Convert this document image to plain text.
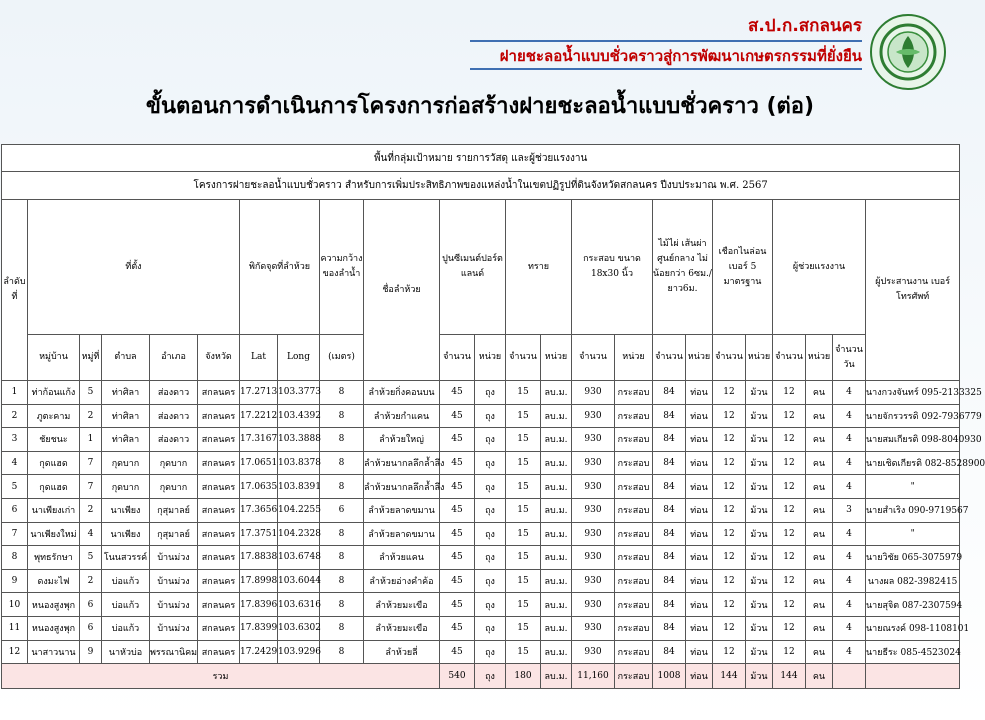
ส.ป.ก.สกลนคร
ฝายชะลอน้ำแบบชั่วคราวสู่การพัฒนาเกษตรกรรมที่ยั่งยืน
ขั้นตอนการดำเนินการโครงการก่อสร้างฝายชะลอน้ำแบบชั่วคราว (ต่อ)
พื้นที่กลุ่มเป้าหมาย รายการวัสดุ และผู้ช่วยแรงงาน																							
โครงการฝายชะลอน้ำแบบชั่วคราว สำหรับการเพิ่มประสิทธิภาพของแหล่งน้ำในเขตปฏิรูปที่ดินจังหวัดสกลนคร ปีงบประมาณ พ.ศ. 2567																							
ลำดับที่	ที่ตั้ง					พิกัดจุดที่ลำห้วย		ความกว้างของลำน้ำ	ชื่อลำห้วย	ปูนซีเมนต์ปอร์ตแลนด์		ทราย		กระสอบ ขนาด 18x30 นิ้ว		ไม้ไผ่ เส้นผ่าศูนย์กลาง ไม่น้อยกว่า 6ซม./ยาว6ม.		เชือกไนล่อน เบอร์ 5 มาตรฐาน		ผู้ช่วยแรงงาน			ผู้ประสานงาน เบอร์โทรศัพท์
	หมู่บ้าน	หมู่ที่	ตำบล	อำเภอ	จังหวัด	Lat	Long	(เมตร)		จำนวน	หน่วย	จำนวน	หน่วย	จำนวน	หน่วย	จำนวน	หน่วย	จำนวน	หน่วย	จำนวน	หน่วย	จำนวนวัน	
1	ท่าก้อนแก้ง	5	ท่าศิลา	ส่องดาว	สกลนคร	17.2713	103.3773	8	ลำห้วยกิ่งคอนบน	45	ถุง	15	ลบ.ม.	930	กระสอบ	84	ท่อน	12	ม้วน	12	คน	4	นางกวงจันทร์ 095-2133325
2	ภูตะคาม	2	ท่าศิลา	ส่องดาว	สกลนคร	17.2212	103.4392	8	ลำห้วยกำแคน	45	ถุง	15	ลบ.ม.	930	กระสอบ	84	ท่อน	12	ม้วน	12	คน	4	นายจักรวรรดิ 092-7936779
3	ชัยชนะ	1	ท่าศิลา	ส่องดาว	สกลนคร	17.3167	103.3888	8	ลำห้วยใหญ่	45	ถุง	15	ลบ.ม.	930	กระสอบ	84	ท่อน	12	ม้วน	12	คน	4	นายสมเกียรติ 098-8040930
4	กุดแฮด	7	กุดบาก	กุดบาก	สกลนคร	17.0651	103.8378	8	ลำห้วยนากลลึกล้ำลึง	45	ถุง	15	ลบ.ม.	930	กระสอบ	84	ท่อน	12	ม้วน	12	คน	4	นายเชิดเกียรติ 082-8528900
5	กุดแฮด	7	กุดบาก	กุดบาก	สกลนคร	17.0635	103.8391	8	ลำห้วยนากลลึกล้ำลึง	45	ถุง	15	ลบ.ม.	930	กระสอบ	84	ท่อน	12	ม้วน	12	คน	4	"
6	นาเพียงเก่า	2	นาเพียง	กุสุมาลย์	สกลนคร	17.3656	104.2255	6	ลำห้วยลาดขมาน	45	ถุง	15	ลบ.ม.	930	กระสอบ	84	ท่อน	12	ม้วน	12	คน	3	นายสำเริง 090-9719567
7	นาเพียงใหม่	4	นาเพียง	กุสุมาลย์	สกลนคร	17.3751	104.2328	8	ลำห้วยลาดขมาน	45	ถุง	15	ลบ.ม.	930	กระสอบ	84	ท่อน	12	ม้วน	12	คน	4	"
8	พุทธรักษา	5	โนนสวรรค์	บ้านม่วง	สกลนคร	17.8838	103.6748	8	ลำห้วยแคน	45	ถุง	15	ลบ.ม.	930	กระสอบ	84	ท่อน	12	ม้วน	12	คน	4	นายวิชัย 065-3075979
9	ดงมะไฟ	2	บ่อแก้ว	บ้านม่วง	สกลนคร	17.8998	103.6044	8	ลำห้วยอ่างคำค้อ	45	ถุง	15	ลบ.ม.	930	กระสอบ	84	ท่อน	12	ม้วน	12	คน	4	นางผล 082-3982415
10	หนองสูงพุก	6	บ่อแก้ว	บ้านม่วง	สกลนคร	17.8396	103.6316	8	ลำห้วยมะเขือ	45	ถุง	15	ลบ.ม.	930	กระสอบ	84	ท่อน	12	ม้วน	12	คน	4	นายสุจิต 087-2307594
11	หนองสูงพุก	6	บ่อแก้ว	บ้านม่วง	สกลนคร	17.8399	103.6302	8	ลำห้วยมะเขือ	45	ถุง	15	ลบ.ม.	930	กระสอบ	84	ท่อน	12	ม้วน	12	คน	4	นายณรงค์ 098-1108101
12	นาสาวนาน	9	นาหัวบ่อ	พรรณานิคม	สกลนคร	17.2429	103.9296	8	ลำห้วยลี่	45	ถุง	15	ลบ.ม.	930	กระสอบ	84	ท่อน	12	ม้วน	12	คน	4	นายธีระ 085-4523024
รวม										540	ถุง	180	ลบ.ม.	11,160	กระสอบ	1008	ท่อน	144	ม้วน	144	คน		
